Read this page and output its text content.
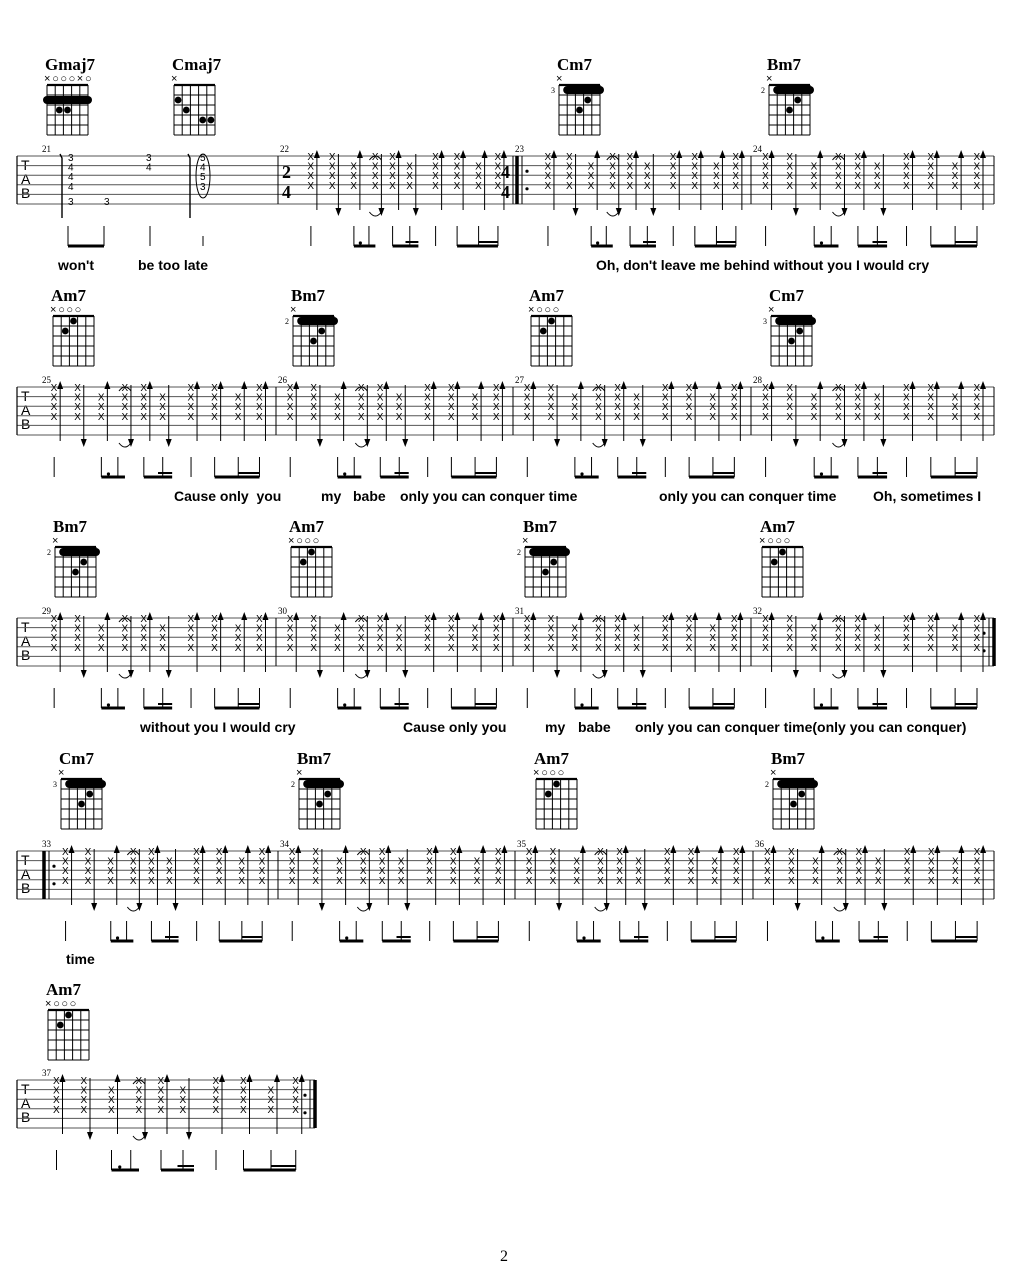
× ○ ○ ○ × ○	×	×
3
×
2
T
A
B
21
3
4
4
4
3	3
3
4
5
4
5
3
22
2
4
X
X
X
X
X
X
X
X
X
X
X
X
X
X
X
X
X
X
X
X
X
X
X
X
X
X
X
X
X
X
X
X
X
X
X
X
X
23
4
4
X
X
X
X
X
X
X
X
X
X
X
X
X
X
X
X
X
X
X
X
X
X
X
X
X
X
X
X
X
X
X
X
X
X
X
X
X
24
X
X
X
X
X
X
X
X
X
X
X
X
X
X
X
X
X
X
X
X
X
X
X
X
X
X
X
X
X
X
X
X
X
X
X
X
X
× ○ ○ ○	×
2
× ○ ○ ○	×
3
T
A
B
25
X
X
X
X
X
X
X
X
X
X
X
X
X
X
X
X
X
X
X
X
X
X
X
X
X
X
X
X
X
X
X
X
X
X
X
X
X
26
X
X
X
X
X
X
X
X
X
X
X
X
X
X
X
X
X
X
X
X
X
X
X
X
X
X
X
X
X
X
X
X
X
X
X
X
X
27
X
X
X
X
X
X
X
X
X
X
X
X
X
X
X
X
X
X
X
X
X
X
X
X
X
X
X
X
X
X
X
X
X
X
X
X
X
28
X
X
X
X
X
X
X
X
X
X
X
X
X
X
X
X
X
X
X
X
X
X
X
X
X
X
X
X
X
X
X
X
X
X
X
X
X
×
2
× ○ ○ ○	×
2
× ○ ○ ○
T
A
B
29
X
X
X
X
X
X
X
X
X
X
X
X
X
X
X
X
X
X
X
X
X
X
X
X
X
X
X
X
X
X
X
X
X
X
X
X
X
30
X
X
X
X
X
X
X
X
X
X
X
X
X
X
X
X
X
X
X
X
X
X
X
X
X
X
X
X
X
X
X
X
X
X
X
X
X
31
X
X
X
X
X
X
X
X
X
X
X
X
X
X
X
X
X
X
X
X
X
X
X
X
X
X
X
X
X
X
X
X
X
X
X
X
X
32
X
X
X
X
X
X
X
X
X
X
X
X
X
X
X
X
X
X
X
X
X
X
X
X
X
X
X
X
X
X
X
X
X
X
X
X
X
×
3
×
2
× ○ ○ ○	×
2
T
A
B
33
X
X
X
X
X
X
X
X
X
X
X
X
X
X
X
X
X
X
X
X
X
X
X
X
X
X
X
X
X
X
X
X
X
X
X
X
X
34
X
X
X
X
X
X
X
X
X
X
X
X
X
X
X
X
X
X
X
X
X
X
X
X
X
X
X
X
X
X
X
X
X
X
X
X
X
35
X
X
X
X
X
X
X
X
X
X
X
X
X
X
X
X
X
X
X
X
X
X
X
X
X
X
X
X
X
X
X
X
X
X
X
X
X
36
X
X
X
X
X
X
X
X
X
X
X
X
X
X
X
X
X
X
X
X
X
X
X
X
X
X
X
X
X
X
X
X
X
X
X
X
X
× ○ ○ ○
T
A
B
37
X
X
X
X
X
X
X
X
X
X
X
X
X
X
X
X
X
X
X
X
X
X
X
X
X
X
X
X
X
X
X
X
X
X
X
X
X
Gmaj7	Cmaj7	Cm7	Bm7
won't	be too late	Oh, don't leave me behind without you I would cry
Am7	Bm7	Am7	Cm7
Cause only  you	my babe only you can conquer time	only you can conquer time	Oh, sometimes I
Bm7	Am7	Bm7	Am7
without you I would cry	Cause only you	my babe only you can conquer time(only you can conquer)
Cm7	Bm7	Am7	Bm7
time
Am7
2
